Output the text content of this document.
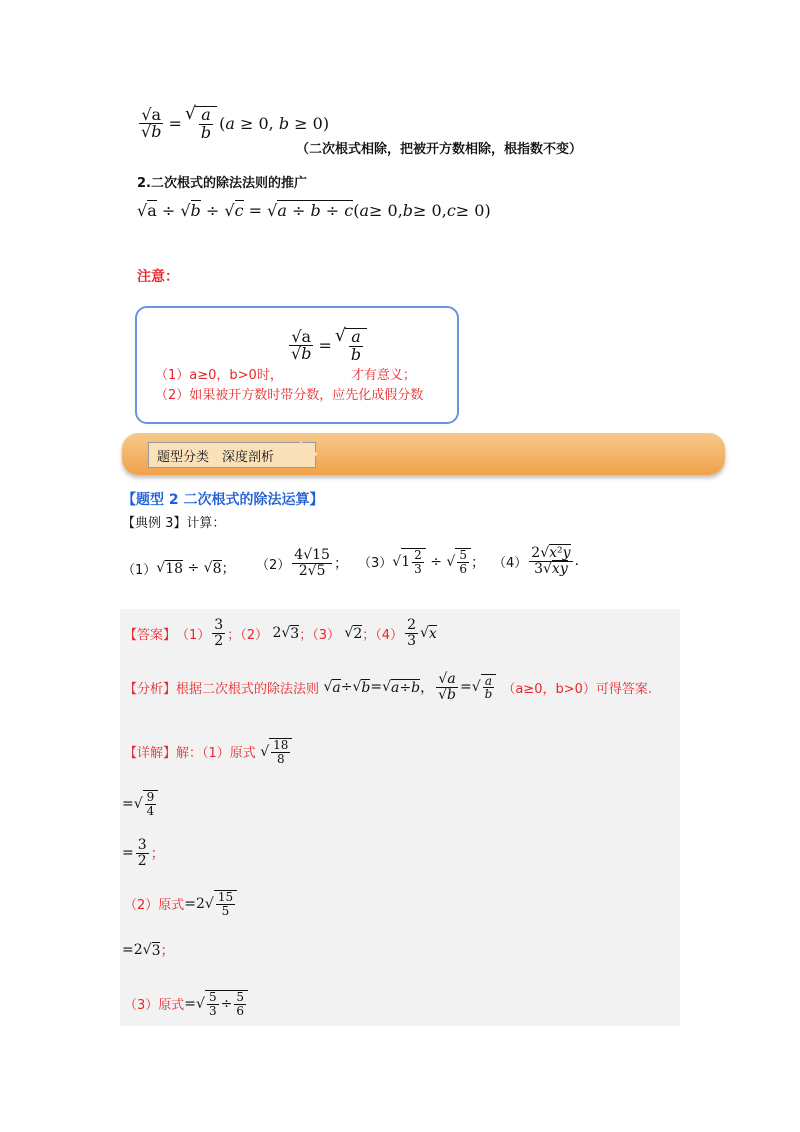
$\frac{√a}{√b}$ = √ $\frac{a}{b} (a \ge 0$, b ≥ 0)
（二次根式相除，把被开方数相除，根指数不变）
2.二次根式的除法法则的推广
√ a ÷ √ b ÷ √ c = √ a ÷ b ÷ c ( a ≥ 0, b ≥ 0, c ≥ 0)
注意：
$\frac{√a}{√b}$ = √ $\frac{a}{b}$
（1）a≥0，b>0时，	才有意义；
（2）如果被开方数时带分数，应先化成假分数
题型分类　深度剖析
【题型 2 二次根式的除法运算】
【典例 3】计算：
（1） √ 18 ÷ √ 8 ； $(2) \frac{4√15}{2√5}$ ； （3） √ $1 \frac{2}{3}$ ÷ √ $\frac{5}{6}$ ； $(4) \frac{\text{2√x²y}}{3√xy}$ .
【答案】 $(1) \frac{3}{2}$ ；（2） 2√ 3 ；（3） √ 2 ；$(4) \frac{2}{3}$ √ x
【分析】 根据二次根式的除法法则 √ a ÷√ b =√ a÷b ， $\frac{√a}{√b}$ =√ $\frac{a}{b} (a\ge 0$，b>0）可得答案.
【详解】 解：（1）原式 √ $\frac{18}{8}$
=√ $\frac{9}{4}$
= $\frac{3}{2}$ ；
（2）原式 $=2√ \frac{15}{5}$
=2√ 3 ；
（3）原式 =√ $\frac{5}{3} \div \frac{5}{6}$
